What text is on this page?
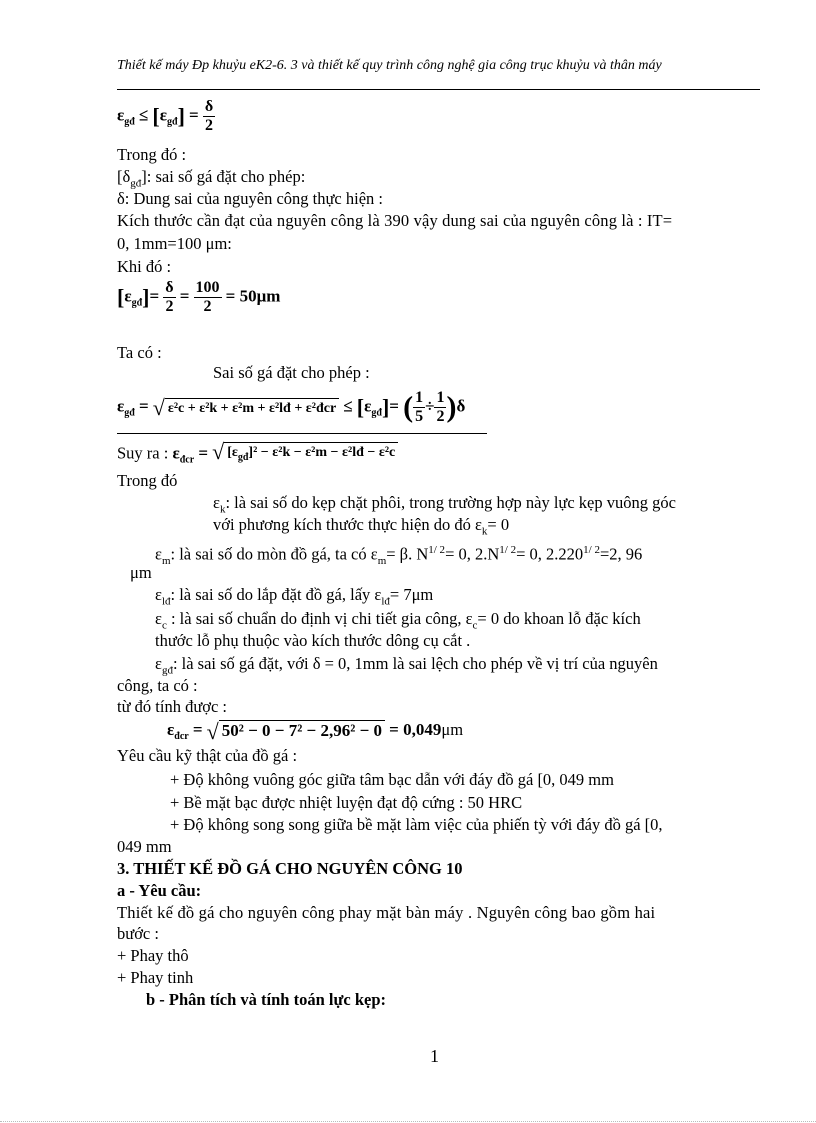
Thiết kế máy Đp khuỷu eK2-6. 3 và thiết kế quy trình công nghệ gia công trục khuỷu và thân máy
$\varepsilon_{gđ} \le [\varepsilon_{gđ}] = \frac{\delta}{2}$
Trong đó :
$[\delta_{gđ}]$: sai số gá đặt cho phép:
δ: Dung sai của nguyên công thực hiện :
Kích thước cần đạt của nguyên công là 390 vậy dung sai của nguyên công là : IT=
0, 1mm=100 μm:
Khi đó :
$[\varepsilon_{gđ}]= \frac{\delta}{2} = \frac{100}{2} = 50\mu m$
Ta có :
Sai số gá đặt cho phép :
$\varepsilon_{gđ}$ = √ ε²c + ε²k + ε²m + ε²lđ + ε²đcr ≤ $[\varepsilon_{gđ}]=$ ( $\frac{1}{5} \div \frac{1}{2} )\delta$
Suy ra : $\varepsilon_{đcr}$ = √ $[\varepsilon_{gđ}]^2 - \varepsilon^2k - \varepsilon^2m$ − ε²lđ − ε²c
Trong đó
$\varepsilon_k$: là sai số do kẹp chặt phôi, trong trường hợp này lực kẹp vuông góc
với phương kích thước thực hiện do đó $\varepsilon_k= 0$
$\varepsilon_m$: là sai số do mòn đồ gá, ta có $\varepsilon_m= \beta$. $N^{1/ 2}= 0$, $2.N^{1/ 2}= 0$, $2.220^{1/ 2}=2$, 96
μm
$\varepsilon_{lđ}$: là sai số do lắp đặt đồ gá, lấy $\varepsilon_{lđ}= 7\mu m$
$\varepsilon_c$ : là sai số chuẩn do định vị chi tiết gia công, $\varepsilon_c= 0$ do khoan lỗ đặc kích
thước lỗ phụ thuộc vào kích thước dông cụ cắt .
$\varepsilon_{gđ}$: là sai số gá đặt, với δ = 0, 1mm là sai lệch cho phép về vị trí của nguyên
công, ta có :
từ đó tính được :
$\varepsilon_{đcr}$ = √ 50² − 0 − 7² − 2,96² − 0 = 0,049μm
Yêu cầu kỹ thật của đồ gá :
+ Độ không vuông góc giữa tâm bạc dẫn với đáy đồ gá [0, 049 mm
+ Bề mặt bạc được nhiệt luyện đạt độ cứng : 50 HRC
+ Độ không song song giữa bề mặt làm việc của phiến tỳ với đáy đồ gá [0,
049 mm
3. THIẾT KẾ ĐỒ GÁ CHO NGUYÊN CÔNG 10
a - Yêu cầu:
Thiết kế đồ gá cho nguyên công phay mặt bàn máy . Nguyên công bao gồm hai
bước :
+ Phay thô
+ Phay tinh
b - Phân tích và tính toán lực kẹp:
1
